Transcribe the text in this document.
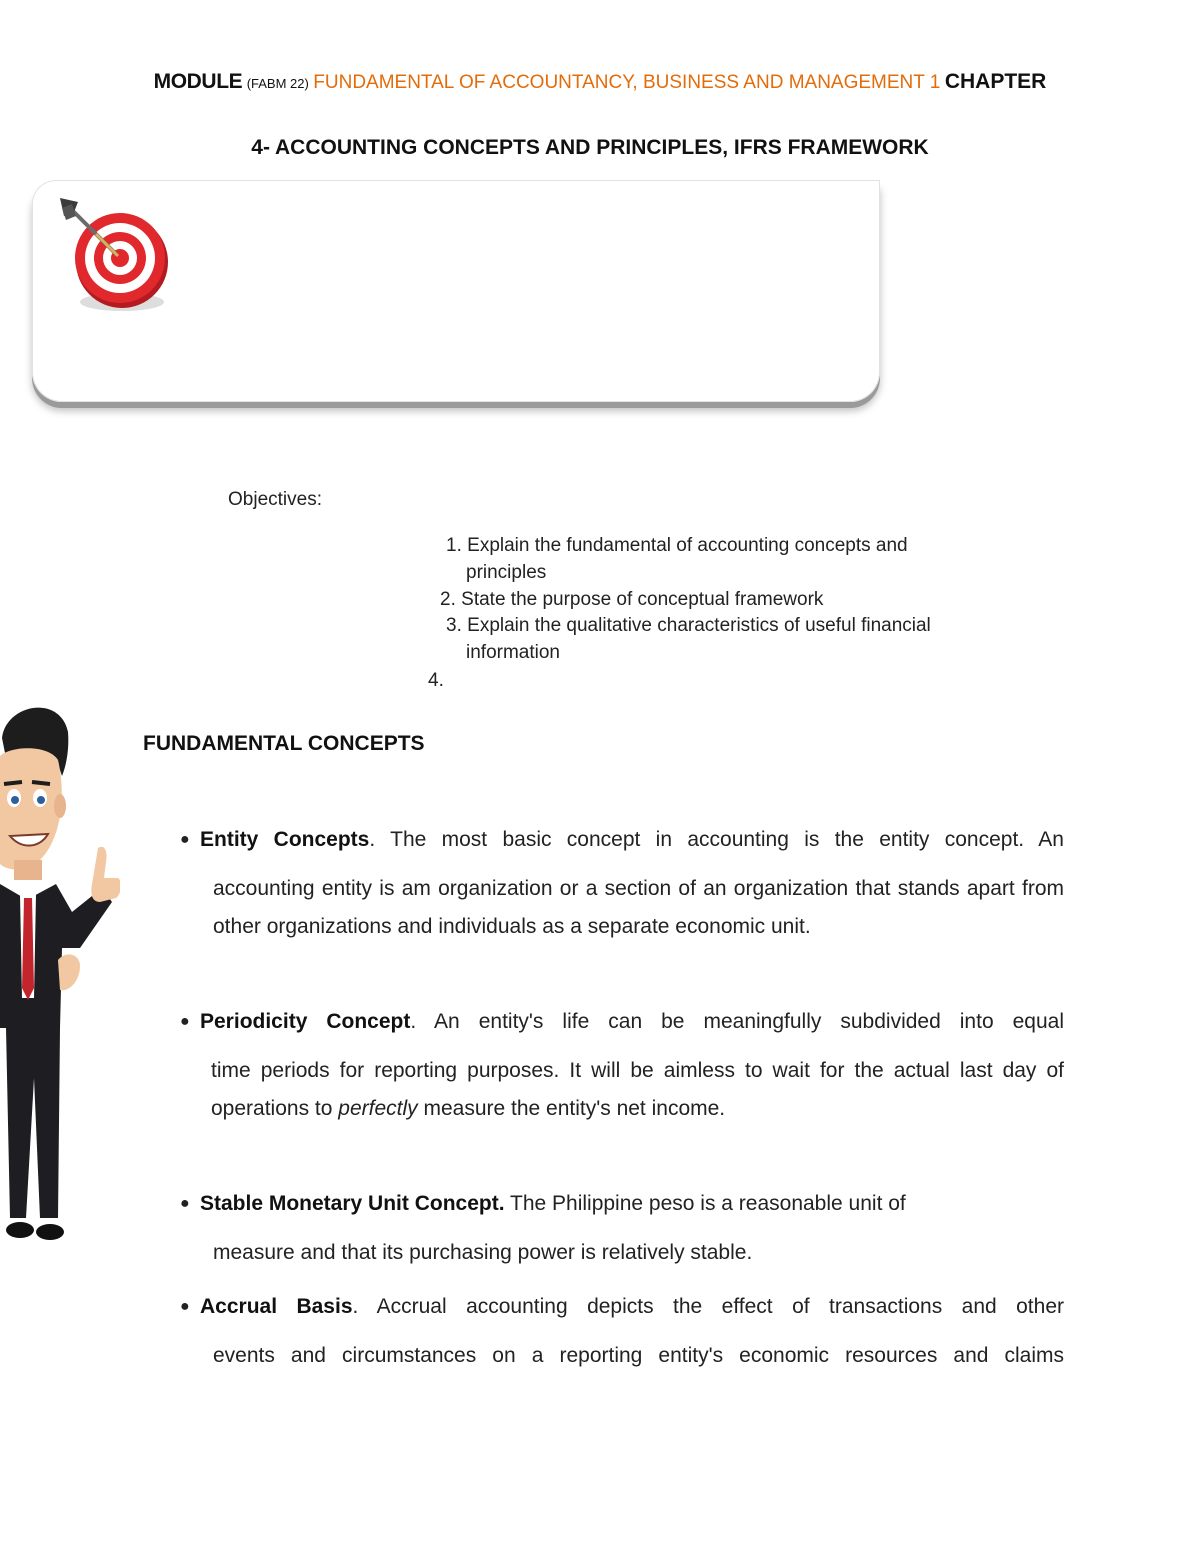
MODULE (FABM 22) FUNDAMENTAL OF ACCOUNTANCY, BUSINESS AND MANAGEMENT 1 CHAPTER
4- ACCOUNTING CONCEPTS AND PRINCIPLES, IFRS FRAMEWORK
Objectives:
1. Explain the fundamental of accounting concepts and
principles
2. State the purpose of conceptual framework
3. Explain the qualitative characteristics of useful financial
information
4.
FUNDAMENTAL CONCEPTS
● Entity Concepts. The most basic concept in accounting is the entity concept. An
accounting entity is am organization or a section of an organization that stands apart from other organizations and individuals as a separate economic unit.
● Periodicity Concept. An entity's life can be meaningfully subdivided into equal
time periods for reporting purposes. It will be aimless to wait for the actual last day of operations to perfectly measure the entity's net income.
● Stable Monetary Unit Concept. The Philippine peso is a reasonable unit of
measure and that its purchasing power is relatively stable.
● Accrual Basis. Accrual accounting depicts the effect of transactions and other
events and circumstances on a reporting entity's economic resources and claims
